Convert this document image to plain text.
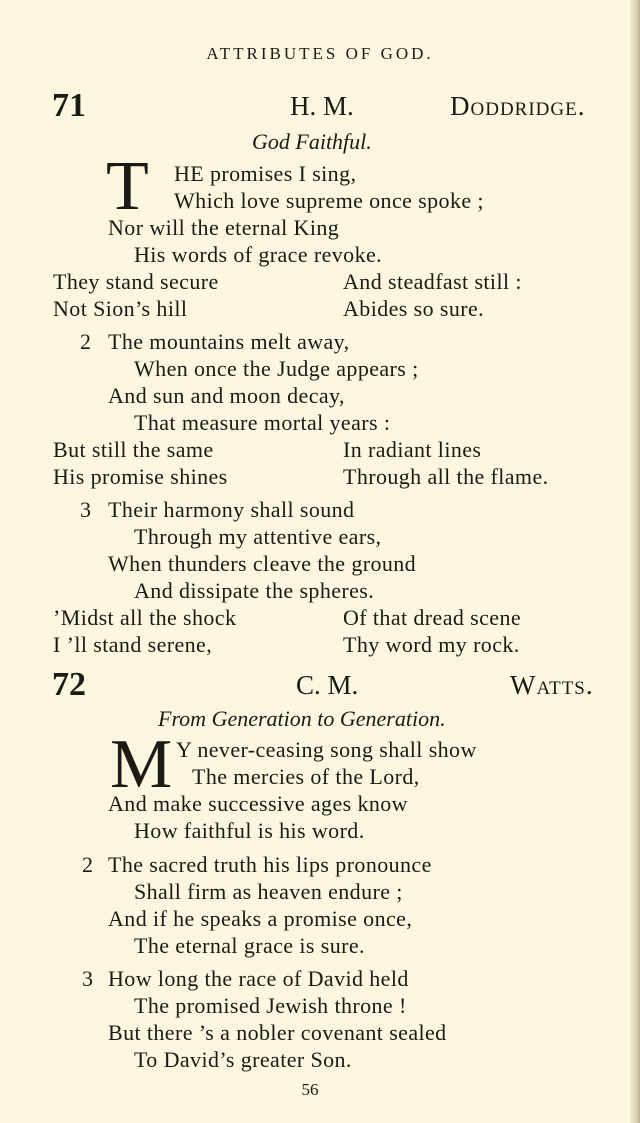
ATTRIBUTES OF GOD.
71	H. M.	Doddridge.
God Faithful.
T HE promises I sing,
Which love supreme once spoke ;
Nor will the eternal King
His words of grace revoke.
They stand secure	And steadfast still :
Not Sion’s hill	Abides so sure.
2 The mountains melt away,
When once the Judge appears ;
And sun and moon decay,
That measure mortal years :
But still the same	In radiant lines
His promise shines	Through all the flame.
3 Their harmony shall sound
Through my attentive ears,
When thunders cleave the ground
And dissipate the spheres.
’Midst all the shock	Of that dread scene
I ’ll stand serene,	Thy word my rock.
72	C. M.	Watts.
From Generation to Generation.
M Y never-ceasing song shall show
The mercies of the Lord,
And make successive ages know
How faithful is his word.
2 The sacred truth his lips pronounce
Shall firm as heaven endure ;
And if he speaks a promise once,
The eternal grace is sure.
3 How long the race of David held
The promised Jewish throne !
But there ’s a nobler covenant sealed
To David’s greater Son.
56
